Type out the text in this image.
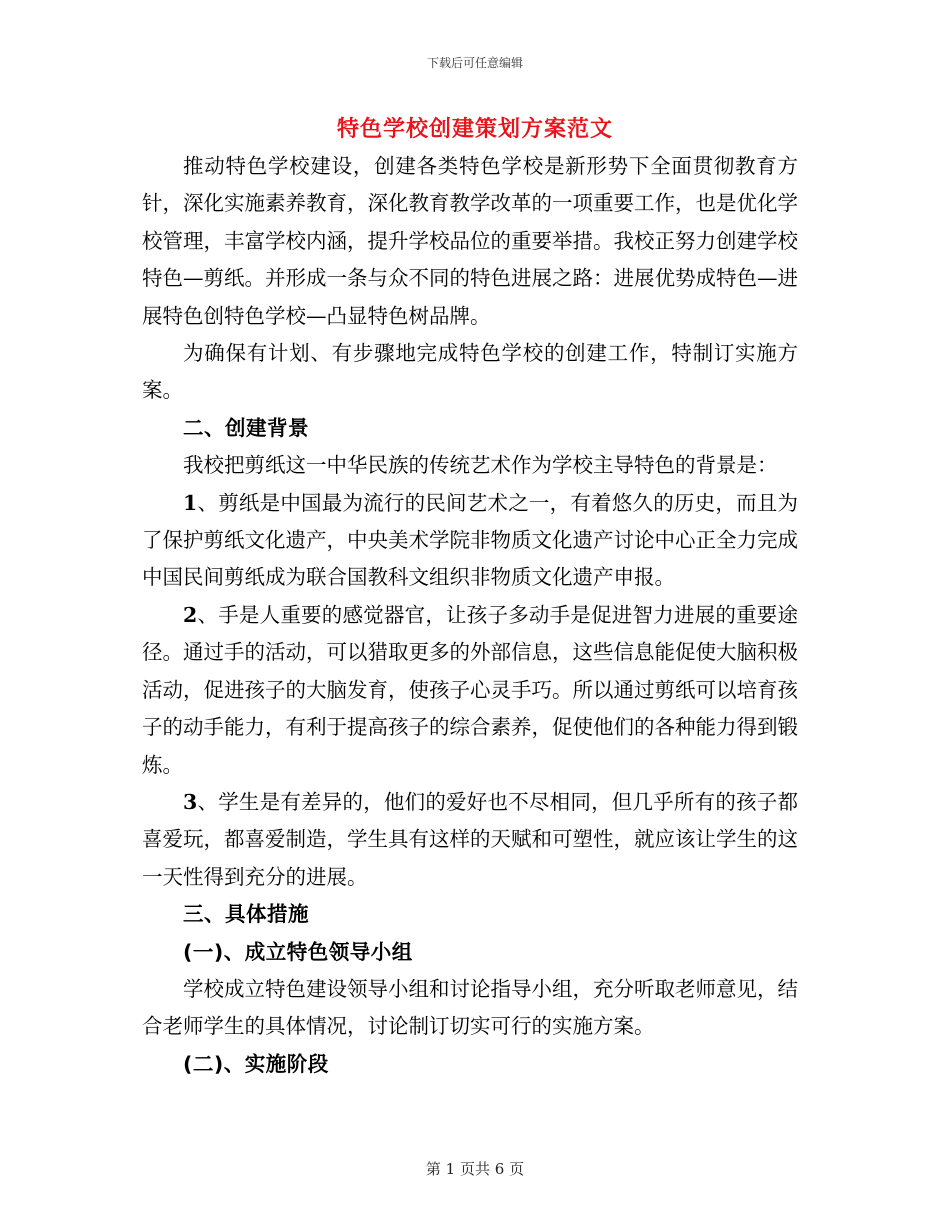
下载后可任意编辑
特色学校创建策划方案范文

推动特色学校建设，创建各类特色学校是新形势下全面贯彻教育方针，深化实施素养教育，深化教育教学改革的一项重要工作，也是优化学校管理，丰富学校内涵，提升学校品位的重要举措。我校正努力创建学校特色—剪纸。并形成一条与众不同的特色进展之路：进展优势成特色—进展特色创特色学校—凸显特色树品牌。

为确保有计划、有步骤地完成特色学校的创建工作，特制订实施方案。

二、创建背景

我校把剪纸这一中华民族的传统艺术作为学校主导特色的背景是：

1、剪纸是中国最为流行的民间艺术之一，有着悠久的历史，而且为了保护剪纸文化遗产，中央美术学院非物质文化遗产讨论中心正全力完成中国民间剪纸成为联合国教科文组织非物质文化遗产申报。

2、手是人重要的感觉器官，让孩子多动手是促进智力进展的重要途径。通过手的活动，可以猎取更多的外部信息，这些信息能促使大脑积极活动，促进孩子的大脑发育，使孩子心灵手巧。所以通过剪纸可以培育孩子的动手能力，有利于提高孩子的综合素养，促使他们的各种能力得到锻炼。

3、学生是有差异的，他们的爱好也不尽相同，但几乎所有的孩子都喜爱玩，都喜爱制造，学生具有这样的天赋和可塑性，就应该让学生的这一天性得到充分的进展。

三、具体措施

(一)、成立特色领导小组

学校成立特色建设领导小组和讨论指导小组，充分听取老师意见，结合老师学生的具体情况，讨论制订切实可行的实施方案。

(二)、实施阶段

第 1 页共 6 页
